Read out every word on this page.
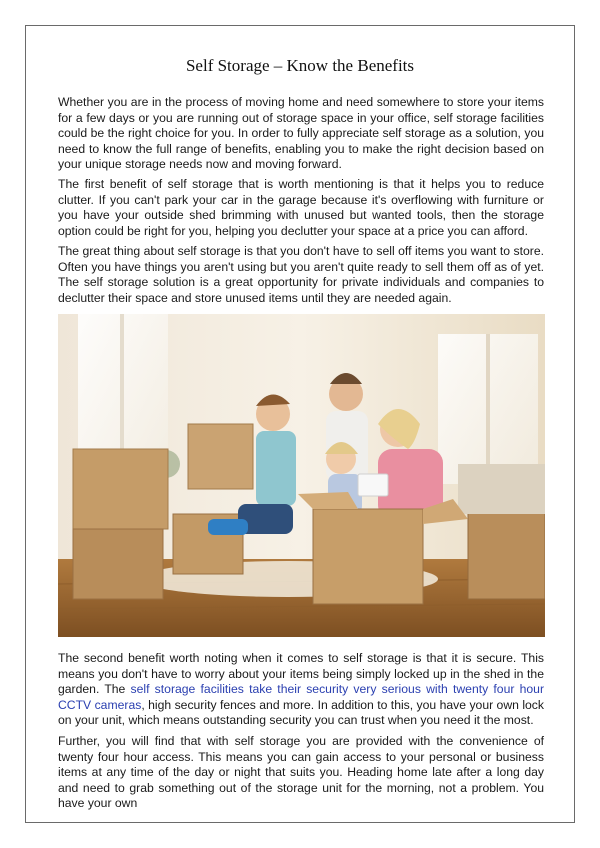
Self Storage – Know the Benefits

Whether you are in the process of moving home and need somewhere to store your items for a few days or you are running out of storage space in your office, self storage facilities could be the right choice for you. In order to fully appreciate self storage as a solution, you need to know the full range of benefits, enabling you to make the right decision based on your unique storage needs now and moving forward.

The first benefit of self storage that is worth mentioning is that it helps you to reduce clutter. If you can't park your car in the garage because it's overflowing with furniture or you have your outside shed brimming with unused but wanted tools, then the storage option could be right for you, helping you declutter your space at a price you can afford.

The great thing about self storage is that you don't have to sell off items you want to store. Often you have things you aren't using but you aren't quite ready to sell them off as of yet. The self storage solution is a great opportunity for private individuals and companies to declutter their space and store unused items until they are needed again.

The second benefit worth noting when it comes to self storage is that it is secure. This means you don't have to worry about your items being simply locked up in the shed in the garden. The self storage facilities take their security very serious with twenty four hour CCTV cameras, high security fences and more. In addition to this, you have your own lock on your unit, which means outstanding security you can trust when you need it the most.

Further, you will find that with self storage you are provided with the convenience of twenty four hour access. This means you can gain access to your personal or business items at any time of the day or night that suits you. Heading home late after a long day and need to grab something out of the storage unit for the morning, not a problem. You have your own
